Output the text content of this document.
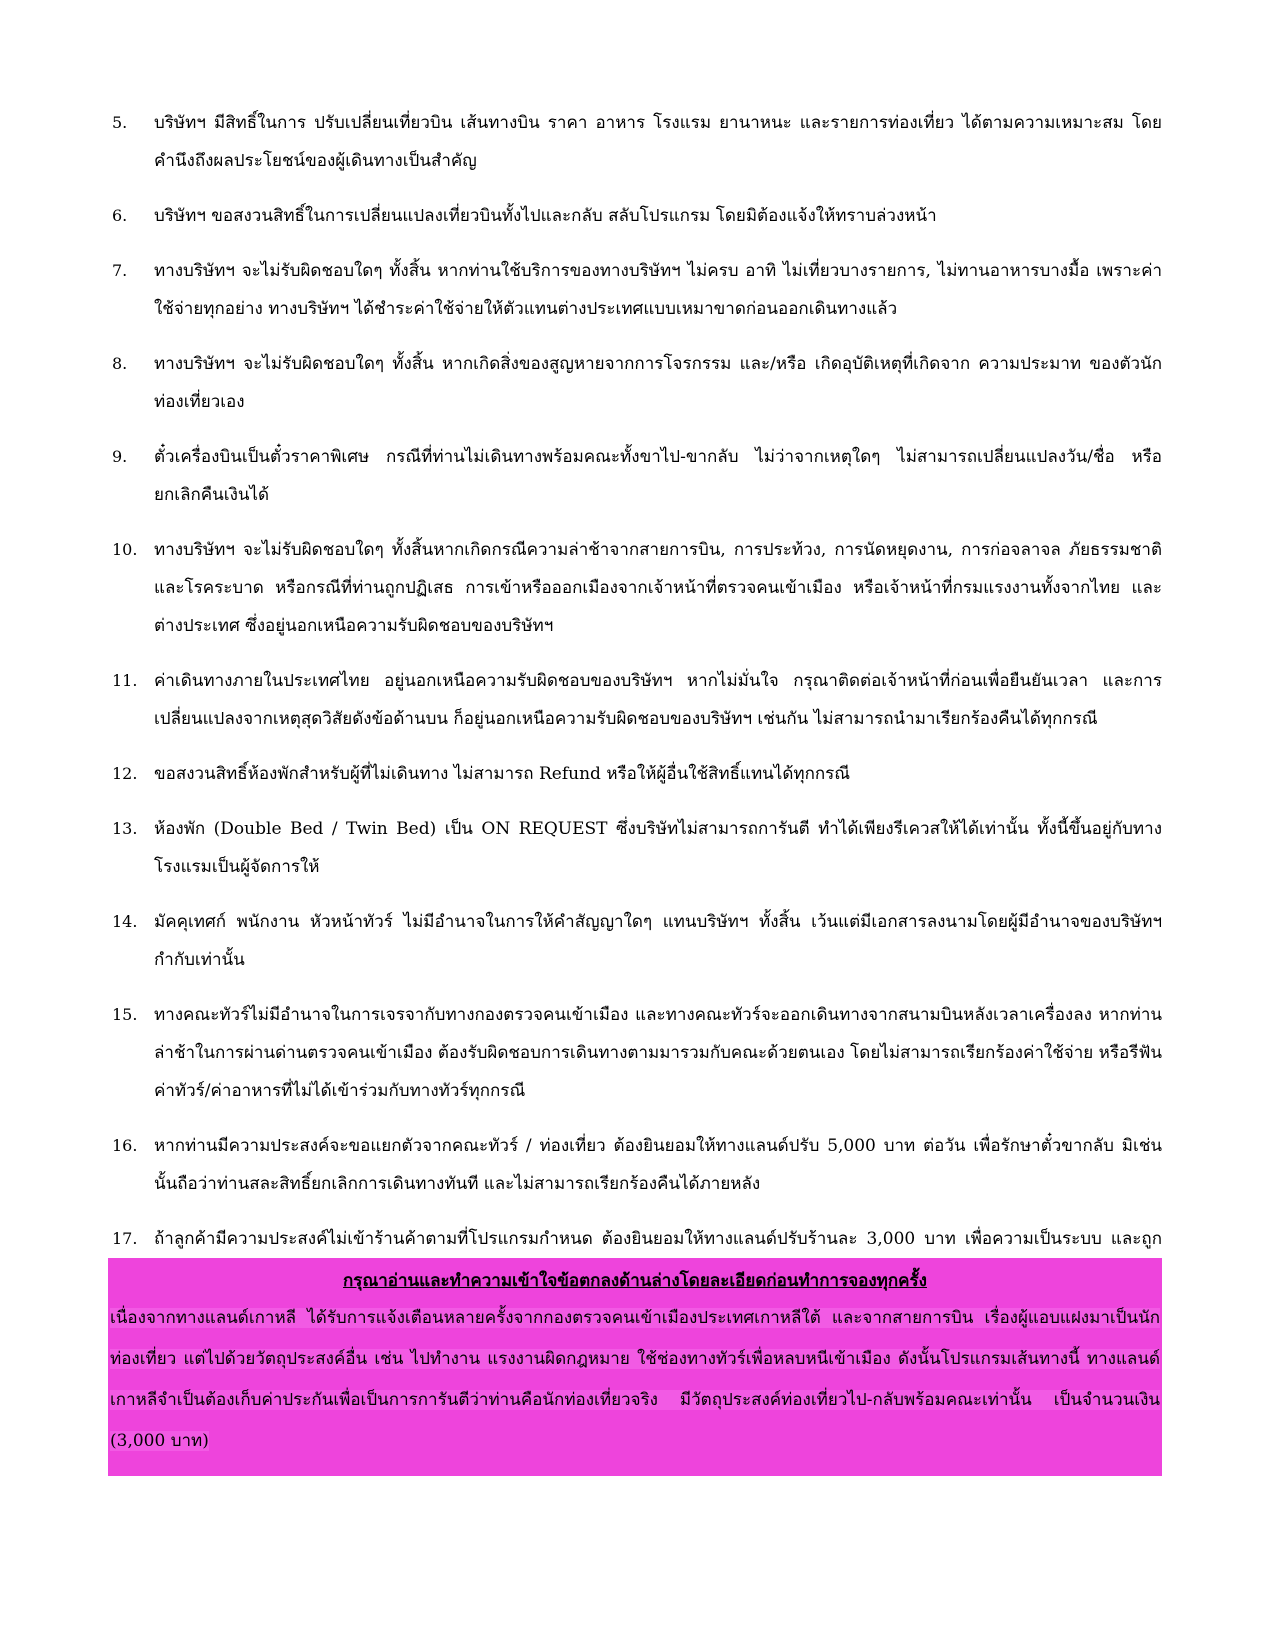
5.	บริษัทฯ มีสิทธิ์ในการ ปรับเปลี่ยนเที่ยวบิน เส้นทางบิน ราคา อาหาร โรงแรม ยานาหนะ และรายการท่องเที่ยว ได้ตามความเหมาะสม โดยคำนึงถึงผลประโยชน์ของผู้เดินทางเป็นสำคัญ
6.	บริษัทฯ ขอสงวนสิทธิ์ในการเปลี่ยนแปลงเที่ยวบินทั้งไปและกลับ สลับโปรแกรม โดยมิต้องแจ้งให้ทราบล่วงหน้า
7.	ทางบริษัทฯ จะไม่รับผิดชอบใดๆ ทั้งสิ้น หากท่านใช้บริการของทางบริษัทฯ ไม่ครบ อาทิ ไม่เที่ยวบางรายการ, ไม่ทานอาหารบางมื้อ เพราะค่าใช้จ่ายทุกอย่าง ทางบริษัทฯ ได้ชำระค่าใช้จ่ายให้ตัวแทนต่างประเทศแบบเหมาขาดก่อนออกเดินทางแล้ว
8.	ทางบริษัทฯ จะไม่รับผิดชอบใดๆ ทั้งสิ้น หากเกิดสิ่งของสูญหายจากการโจรกรรม และ/หรือ เกิดอุบัติเหตุที่เกิดจาก ความประมาท ของตัวนักท่องเที่ยวเอง
9.	ตั๋วเครื่องบินเป็นตั๋วราคาพิเศษ กรณีที่ท่านไม่เดินทางพร้อมคณะทั้งขาไป-ขากลับ ไม่ว่าจากเหตุใดๆ ไม่สามารถเปลี่ยนแปลงวัน/ชื่อ หรือยกเลิกคืนเงินได้
10. ทางบริษัทฯ จะไม่รับผิดชอบใดๆ ทั้งสิ้นหากเกิดกรณีความล่าช้าจากสายการบิน, การประท้วง, การนัดหยุดงาน, การก่อจลาจล ภัยธรรมชาติ และโรคระบาด หรือกรณีที่ท่านถูกปฏิเสธ การเข้าหรือออกเมืองจากเจ้าหน้าที่ตรวจคนเข้าเมือง หรือเจ้าหน้าที่กรมแรงงานทั้งจากไทย และต่างประเทศ ซึ่งอยู่นอกเหนือความรับผิดชอบของบริษัทฯ
11. ค่าเดินทางภายในประเทศไทย อยู่นอกเหนือความรับผิดชอบของบริษัทฯ หากไม่มั่นใจ กรุณาติดต่อเจ้าหน้าที่ก่อนเพื่อยืนยันเวลา และการเปลี่ยนแปลงจากเหตุสุดวิสัยดังข้อด้านบน ก็อยู่นอกเหนือความรับผิดชอบของบริษัทฯ เช่นกัน ไม่สามารถนำมาเรียกร้องคืนได้ทุกกรณี
12. ขอสงวนสิทธิ์ห้องพักสำหรับผู้ที่ไม่เดินทาง ไม่สามารถ Refund หรือให้ผู้อื่นใช้สิทธิ์แทนได้ทุกกรณี
13. ห้องพัก (Double Bed / Twin Bed) เป็น ON REQUEST ซึ่งบริษัทไม่สามารถการันตี ทำได้เพียงรีเควสให้ได้เท่านั้น ทั้งนี้ขึ้นอยู่กับทางโรงแรมเป็นผู้จัดการให้
14. มัคคุเทศก์ พนักงาน หัวหน้าทัวร์ ไม่มีอำนาจในการให้คำสัญญาใดๆ แทนบริษัทฯ ทั้งสิ้น เว้นแต่มีเอกสารลงนามโดยผู้มีอำนาจของบริษัทฯ กำกับเท่านั้น
15. ทางคณะทัวร์ไม่มีอำนาจในการเจรจากับทางกองตรวจคนเข้าเมือง และทางคณะทัวร์จะออกเดินทางจากสนามบินหลังเวลาเครื่องลง หากท่านล่าช้าในการผ่านด่านตรวจคนเข้าเมือง ต้องรับผิดชอบการเดินทางตามมารวมกับคณะด้วยตนเอง โดยไม่สามารถเรียกร้องค่าใช้จ่าย หรือรีฟันค่าทัวร์/ค่าอาหารที่ไม่ได้เข้าร่วมกับทางทัวร์ทุกกรณี
16. หากท่านมีความประสงค์จะขอแยกตัวจากคณะทัวร์ / ท่องเที่ยว ต้องยินยอมให้ทางแลนด์ปรับ 5,000 บาท ต่อวัน เพื่อรักษาตั๋วขากลับ มิเช่นนั้นถือว่าท่านสละสิทธิ์ยกเลิกการเดินทางทันที และไม่สามารถเรียกร้องคืนได้ภายหลัง
17. ถ้าลูกค้ามีความประสงค์ไม่เข้าร้านค้าตามที่โปรแกรมกำหนด ต้องยินยอมให้ทางแลนด์ปรับร้านละ 3,000 บาท เพื่อความเป็นระบบ และถูก
กรุณาอ่านและทำความเข้าใจข้อตกลงด้านล่างโดยละเอียดก่อนทำการจองทุกครั้ง
เนื่องจากทางแลนด์เกาหลี ได้รับการแจ้งเตือนหลายครั้งจากกองตรวจคนเข้าเมืองประเทศเกาหลีใต้ และจากสายการบิน เรื่องผู้แอบแฝงมาเป็นนักท่องเที่ยว แต่ไปด้วยวัตถุประสงค์อื่น เช่น ไปทำงาน แรงงานผิดกฎหมาย ใช้ช่องทางทัวร์เพื่อหลบหนีเข้าเมือง ดังนั้นโปรแกรมเส้นทางนี้ ทางแลนด์เกาหลีจำเป็นต้องเก็บค่าประกันเพื่อเป็นการการันตีว่าท่านคือนักท่องเที่ยวจริง มีวัตถุประสงค์ท่องเที่ยวไป-กลับพร้อมคณะเท่านั้น เป็นจำนวนเงิน (3,000 บาท)
